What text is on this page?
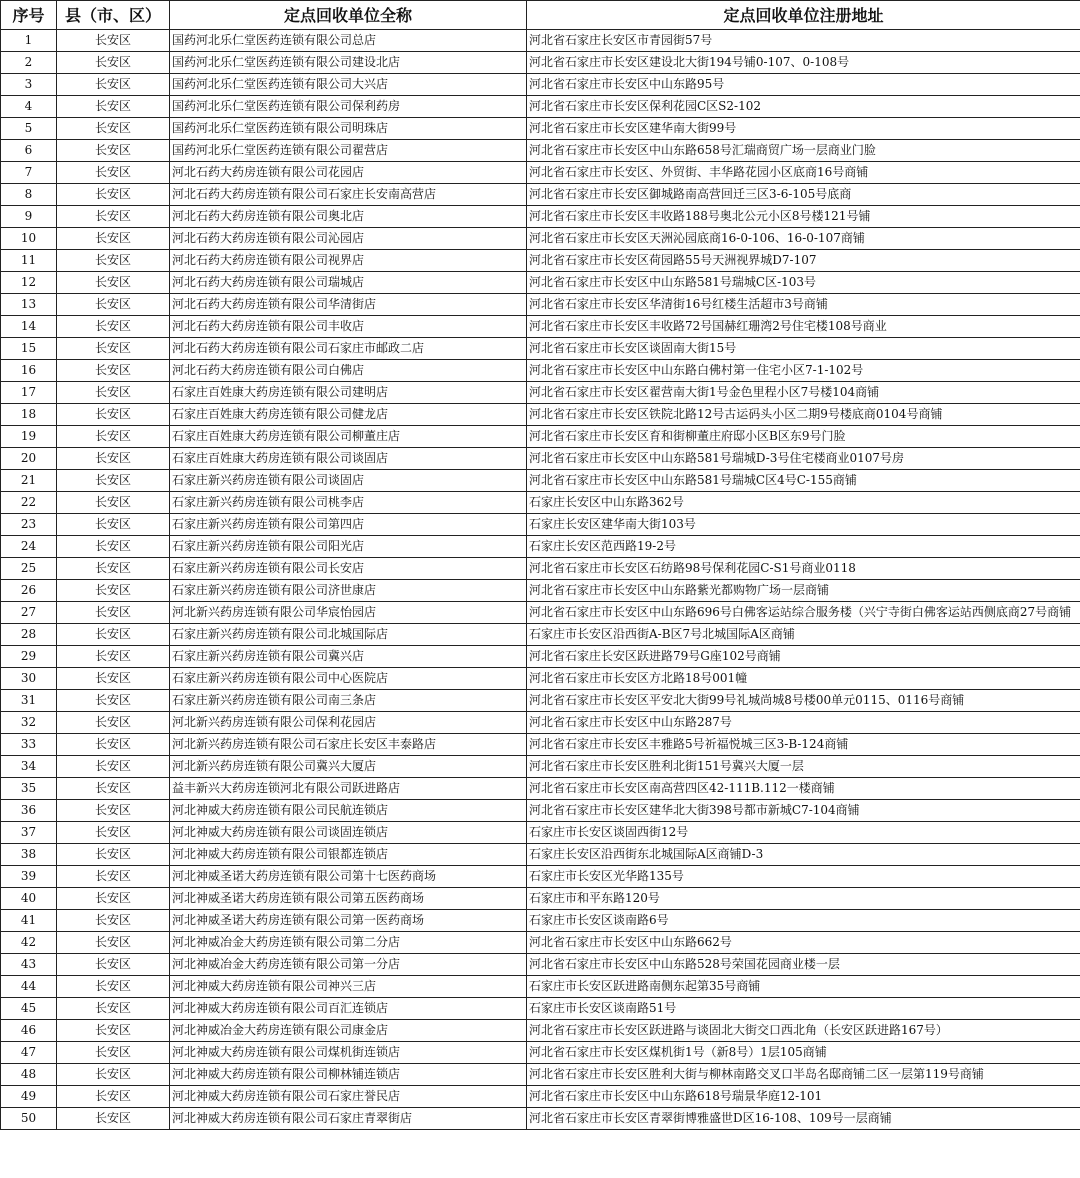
序号	县（市、区）	定点回收单位全称	定点回收单位注册地址
1	长安区	国药河北乐仁堂医药连锁有限公司总店	河北省石家庄长安区市青园街57号
2	长安区	国药河北乐仁堂医药连锁有限公司建设北店	河北省石家庄市长安区建设北大街194号铺0-107、0-108号
3	长安区	国药河北乐仁堂医药连锁有限公司大兴店	河北省石家庄市长安区中山东路95号
4	长安区	国药河北乐仁堂医药连锁有限公司保利药房	河北省石家庄市长安区保利花园C区S2-102
5	长安区	国药河北乐仁堂医药连锁有限公司明珠店	河北省石家庄市长安区建华南大街99号
6	长安区	国药河北乐仁堂医药连锁有限公司翟营店	河北省石家庄市长安区中山东路658号汇瑞商贸广场一层商业门脸
7	长安区	河北石药大药房连锁有限公司花园店	河北省石家庄市长安区、外贸街、丰华路花园小区底商16号商铺
8	长安区	河北石药大药房连锁有限公司石家庄长安南高营店	河北省石家庄市长安区御城路南高营回迁三区3-6-105号底商
9	长安区	河北石药大药房连锁有限公司奥北店	河北省石家庄市长安区丰收路188号奥北公元小区8号楼121号铺
10	长安区	河北石药大药房连锁有限公司沁园店	河北省石家庄市长安区天洲沁园底商16-0-106、16-0-107商铺
11	长安区	河北石药大药房连锁有限公司视界店	河北省石家庄市长安区荷园路55号天洲视界城D7-107
12	长安区	河北石药大药房连锁有限公司瑞城店	河北省石家庄市长安区中山东路581号瑞城C区-103号
13	长安区	河北石药大药房连锁有限公司华清街店	河北省石家庄市长安区华清街16号红楼生活超市3号商铺
14	长安区	河北石药大药房连锁有限公司丰收店	河北省石家庄市长安区丰收路72号国赫红珊湾2号住宅楼108号商业
15	长安区	河北石药大药房连锁有限公司石家庄市邮政二店	河北省石家庄市长安区谈固南大街15号
16	长安区	河北石药大药房连锁有限公司白佛店	河北省石家庄市长安区中山东路白佛村第一住宅小区7-1-102号
17	长安区	石家庄百姓康大药房连锁有限公司建明店	河北省石家庄市长安区翟营南大街1号金色里程小区7号楼104商铺
18	长安区	石家庄百姓康大药房连锁有限公司健龙店	河北省石家庄市长安区铁院北路12号古运码头小区二期9号楼底商0104号商铺
19	长安区	石家庄百姓康大药房连锁有限公司柳董庄店	河北省石家庄市长安区育和街柳董庄府邸小区B区东9号门脸
20	长安区	石家庄百姓康大药房连锁有限公司谈固店	河北省石家庄市长安区中山东路581号瑞城D-3号住宅楼商业0107号房
21	长安区	石家庄新兴药房连锁有限公司谈固店	河北省石家庄市长安区中山东路581号瑞城C区4号C-155商铺
22	长安区	石家庄新兴药房连锁有限公司桃李店	石家庄长安区中山东路362号
23	长安区	石家庄新兴药房连锁有限公司第四店	石家庄长安区建华南大街103号
24	长安区	石家庄新兴药房连锁有限公司阳光店	石家庄长安区范西路19-2号
25	长安区	石家庄新兴药房连锁有限公司长安店	河北省石家庄市长安区石纺路98号保利花园C-S1号商业0118
26	长安区	石家庄新兴药房连锁有限公司济世康店	河北省石家庄市长安区中山东路紫光都购物广场一层商铺
27	长安区	河北新兴药房连锁有限公司华宸怡园店	河北省石家庄市长安区中山东路696号白佛客运站综合服务楼（兴宁寺街白佛客运站西侧底商27号商铺
28	长安区	石家庄新兴药房连锁有限公司北城国际店	石家庄市长安区沿西街A-B区7号北城国际A区商铺
29	长安区	石家庄新兴药房连锁有限公司冀兴店	河北省石家庄长安区跃进路79号G座102号商铺
30	长安区	石家庄新兴药房连锁有限公司中心医院店	河北省石家庄市长安区方北路18号001幢
31	长安区	石家庄新兴药房连锁有限公司南三条店	河北省石家庄市长安区平安北大街99号礼城尚城8号楼00单元0115、0116号商铺
32	长安区	河北新兴药房连锁有限公司保利花园店	河北省石家庄市长安区中山东路287号
33	长安区	河北新兴药房连锁有限公司石家庄长安区丰泰路店	河北省石家庄市长安区丰雅路5号祈福悦城三区3-B-124商铺
34	长安区	河北新兴药房连锁有限公司冀兴大厦店	河北省石家庄市长安区胜利北街151号冀兴大厦一层
35	长安区	益丰新兴大药房连锁河北有限公司跃进路店	河北省石家庄市长安区南高营四区42-111B.112一楼商铺
36	长安区	河北神威大药房连锁有限公司民航连锁店	河北省石家庄市长安区建华北大街398号都市新城C7-104商铺
37	长安区	河北神威大药房连锁有限公司谈固连锁店	石家庄市长安区谈固西街12号
38	长安区	河北神威大药房连锁有限公司银都连锁店	石家庄长安区沿西街东北城国际A区商铺D-3
39	长安区	河北神威圣诺大药房连锁有限公司第十七医药商场	石家庄市长安区光华路135号
40	长安区	河北神威圣诺大药房连锁有限公司第五医药商场	石家庄市和平东路120号
41	长安区	河北神威圣诺大药房连锁有限公司第一医药商场	石家庄市长安区谈南路6号
42	长安区	河北神威冶金大药房连锁有限公司第二分店	河北省石家庄市长安区中山东路662号
43	长安区	河北神威冶金大药房连锁有限公司第一分店	河北省石家庄市长安区中山东路528号荣国花园商业楼一层
44	长安区	河北神威大药房连锁有限公司神兴三店	石家庄市长安区跃进路南侧东起第35号商铺
45	长安区	河北神威大药房连锁有限公司百汇连锁店	石家庄市长安区谈南路51号
46	长安区	河北神威冶金大药房连锁有限公司康金店	河北省石家庄市长安区跃进路与谈固北大街交口西北角（长安区跃进路167号）
47	长安区	河北神威大药房连锁有限公司煤机街连锁店	河北省石家庄市长安区煤机街1号（新8号）1层105商铺
48	长安区	河北神威大药房连锁有限公司柳林铺连锁店	河北省石家庄市长安区胜利大街与柳林南路交叉口半岛名邸商铺二区一层第119号商铺
49	长安区	河北神威大药房连锁有限公司石家庄誉民店	河北省石家庄市长安区中山东路618号瑞景华庭12-101
50	长安区	河北神威大药房连锁有限公司石家庄青翠街店	河北省石家庄市长安区青翠街博雅盛世D区16-108、109号一层商铺
